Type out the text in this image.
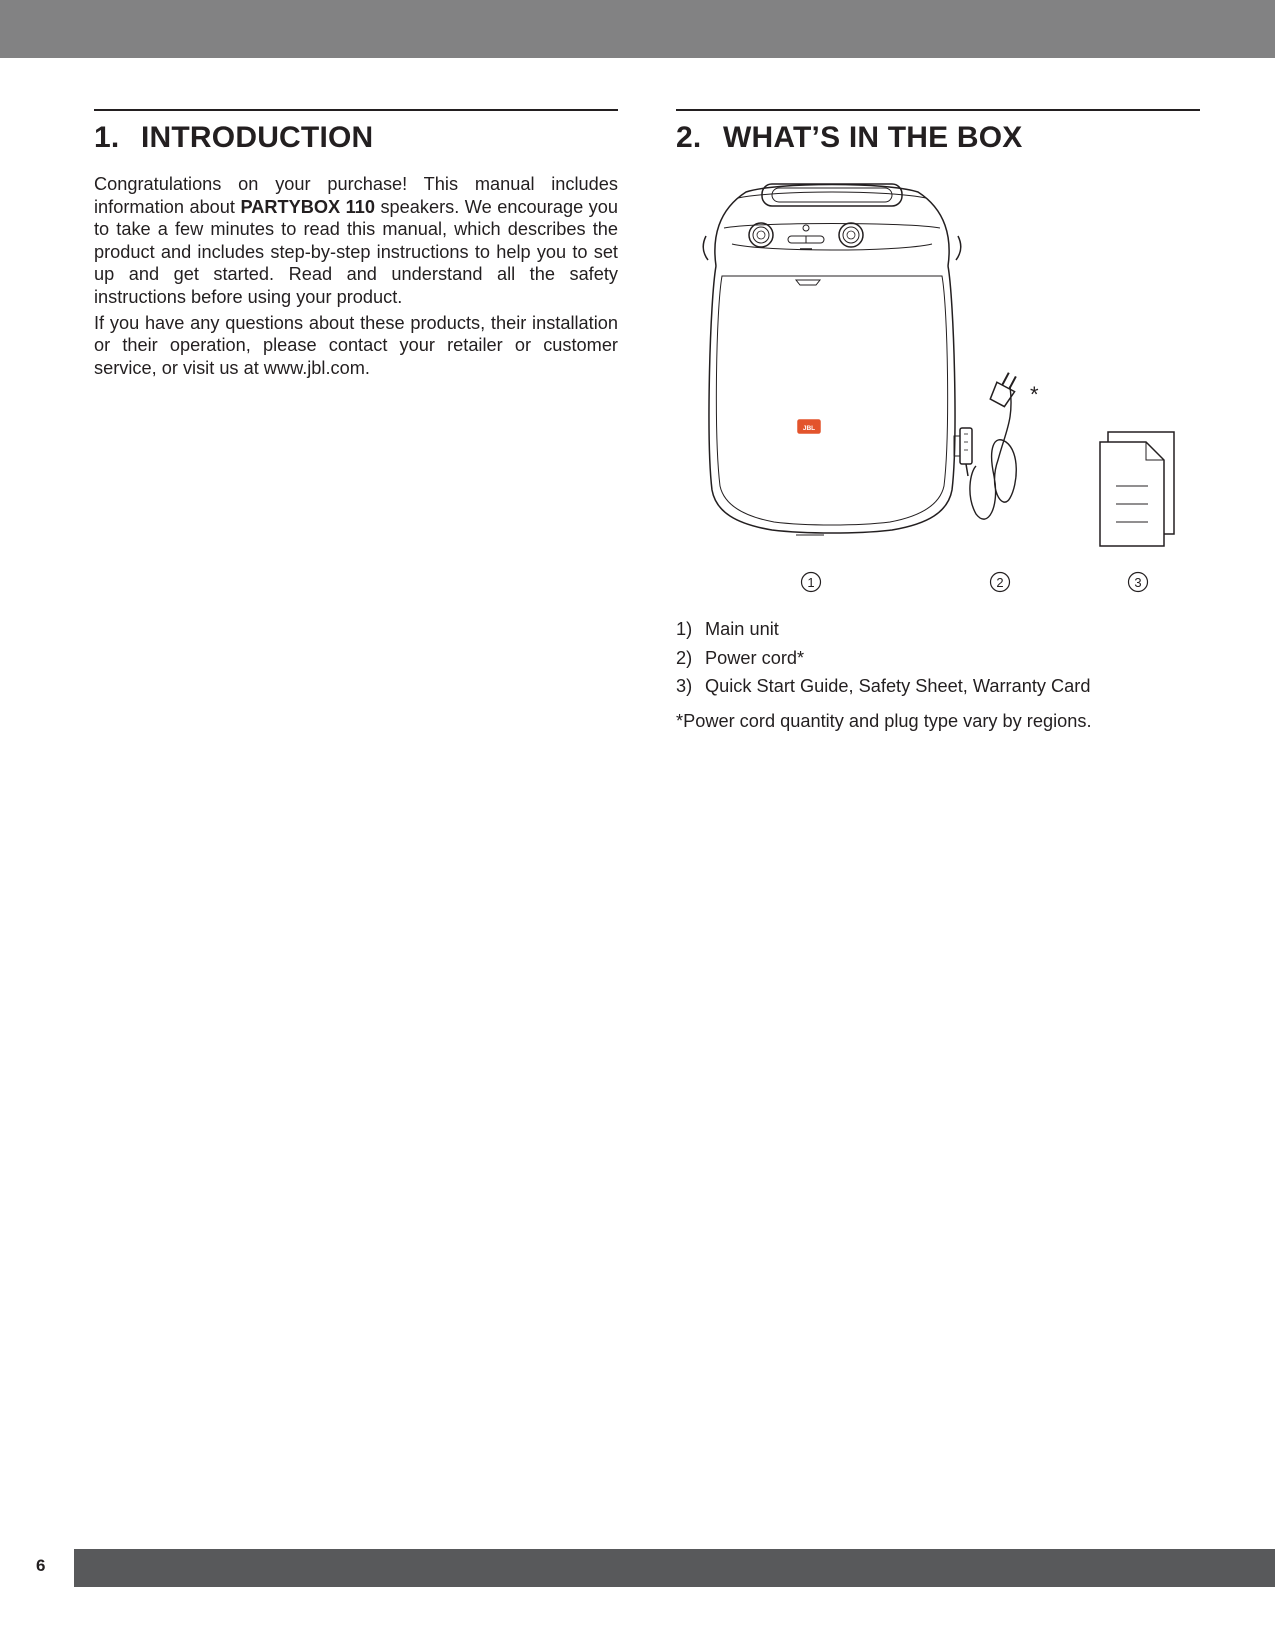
1. INTRODUCTION

Congratulations on your purchase! This manual includes information about PARTYBOX 110 speakers. We encourage you to take a few minutes to read this manual, which describes the product and includes step-by-step instructions to help you to set up and get started. Read and understand all the safety instructions before using your product.

If you have any questions about these products, their installation or their operation, please contact your retailer or customer service, or visit us at www.jbl.com.

2. WHAT’S IN THE BOX
JBL
*
1	2	3
1) Main unit
2) Power cord*
3) Quick Start Guide, Safety Sheet, Warranty Card
*Power cord quantity and plug type vary by regions.
6
